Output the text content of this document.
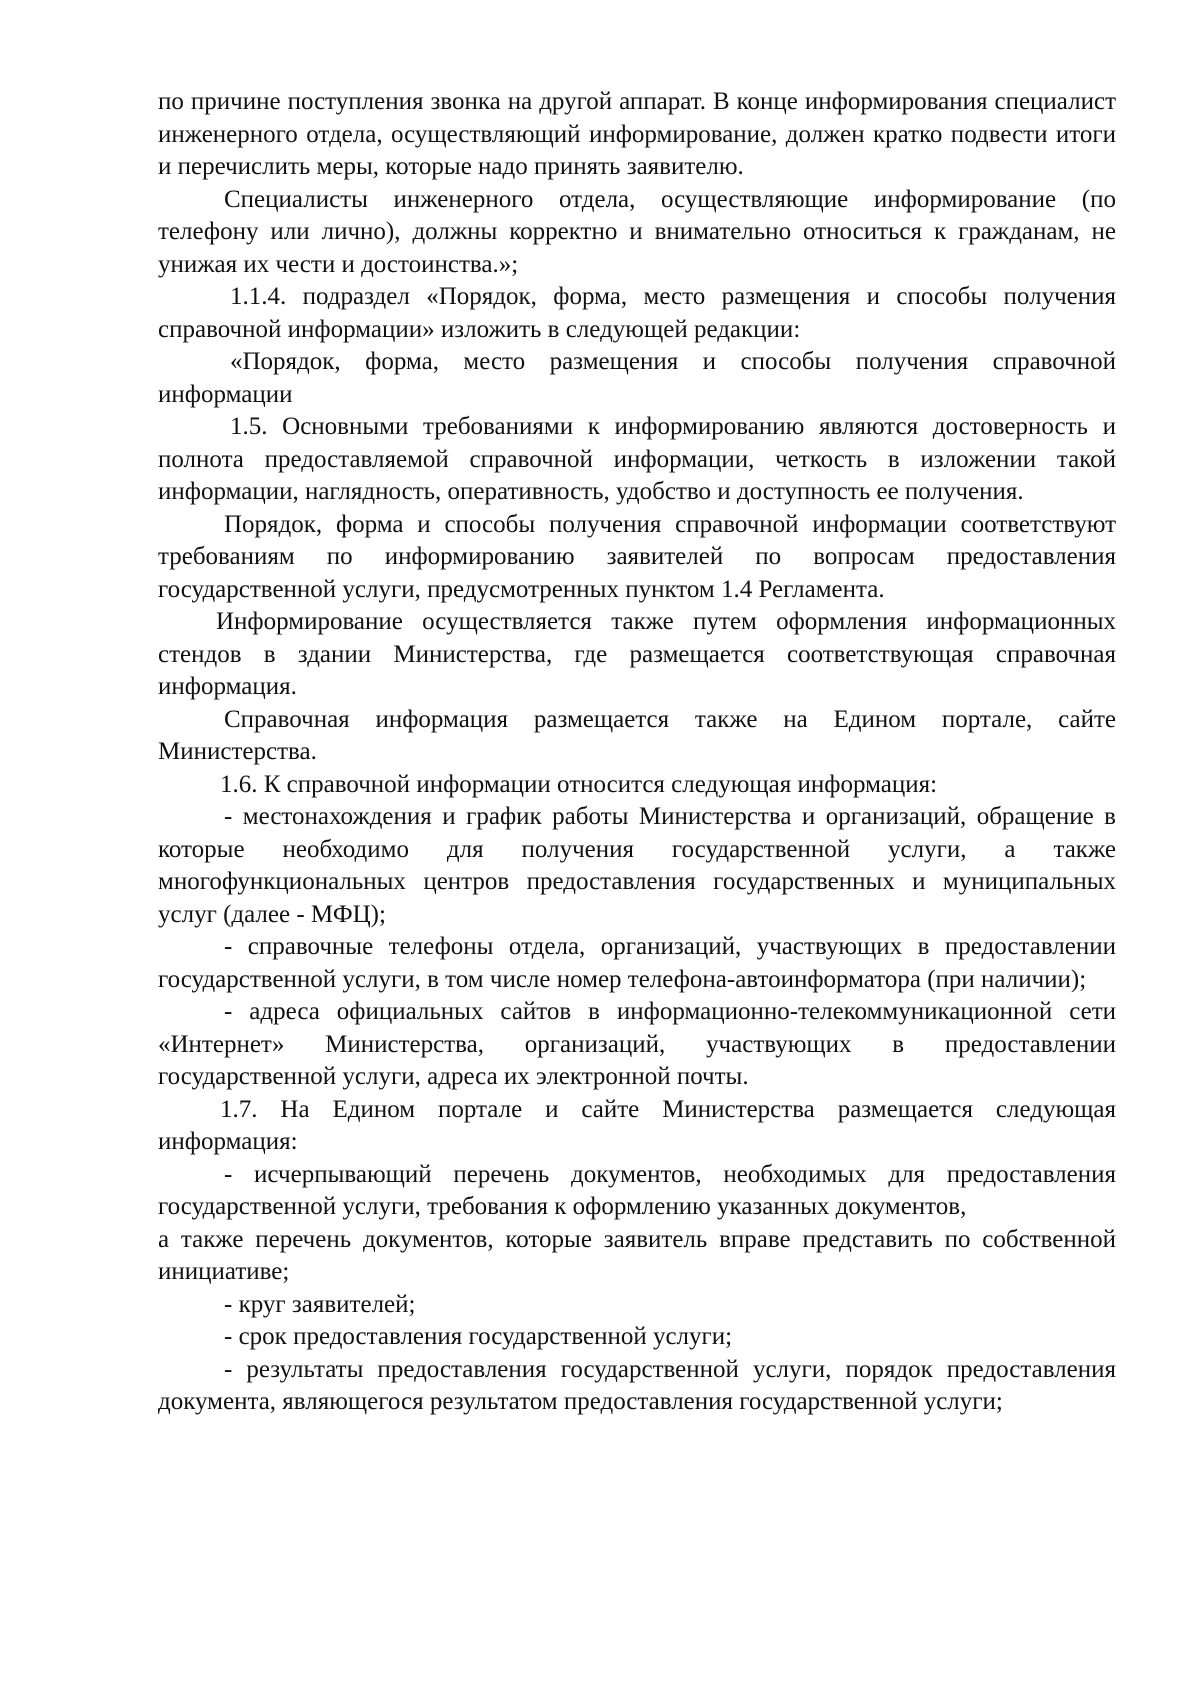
по причине поступления звонка на другой аппарат. В конце информирования специалист инженерного отдела, осуществляющий информирование, должен кратко подвести итоги и перечислить меры, которые надо принять заявителю.

Специалисты инженерного отдела, осуществляющие информирование (по телефону или лично), должны корректно и внимательно относиться к гражданам, не унижая их чести и достоинства.»;

1.1.4. подраздел «Порядок, форма, место размещения и способы получения справочной информации» изложить в следующей редакции:

«Порядок, форма, место размещения и способы получения справочной информации

1.5. Основными требованиями к информированию являются достоверность и полнота предоставляемой справочной информации, четкость в изложении такой информации, наглядность, оперативность, удобство и доступность ее получения.

Порядок, форма и способы получения справочной информации соответствуют требованиям по информированию заявителей по вопросам предоставления государственной услуги, предусмотренных пунктом 1.4 Регламента.

Информирование осуществляется также путем оформления информационных стендов в здании Министерства, где размещается соответствующая справочная информация.

Справочная информация размещается также на Едином портале, сайте Министерства.

1.6. К справочной информации относится следующая информация:

- местонахождения и график работы Министерства и организаций, обращение в которые необходимо для получения государственной услуги, а также многофункциональных центров предоставления государственных и муниципальных услуг (далее - МФЦ);

- справочные телефоны отдела, организаций, участвующих в предоставлении государственной услуги, в том числе номер телефона-автоинформатора (при наличии);

- адреса официальных сайтов в информационно-телекоммуникационной сети «Интернет» Министерства, организаций, участвующих в предоставлении государственной услуги, адреса их электронной почты.

1.7. На Едином портале и сайте Министерства размещается следующая информация:

- исчерпывающий перечень документов, необходимых для предоставления государственной услуги, требования к оформлению указанных документов,

а также перечень документов, которые заявитель вправе представить по собственной инициативе;

- круг заявителей;

- срок предоставления государственной услуги;

- результаты предоставления государственной услуги, порядок предоставления документа, являющегося результатом предоставления государственной услуги;
